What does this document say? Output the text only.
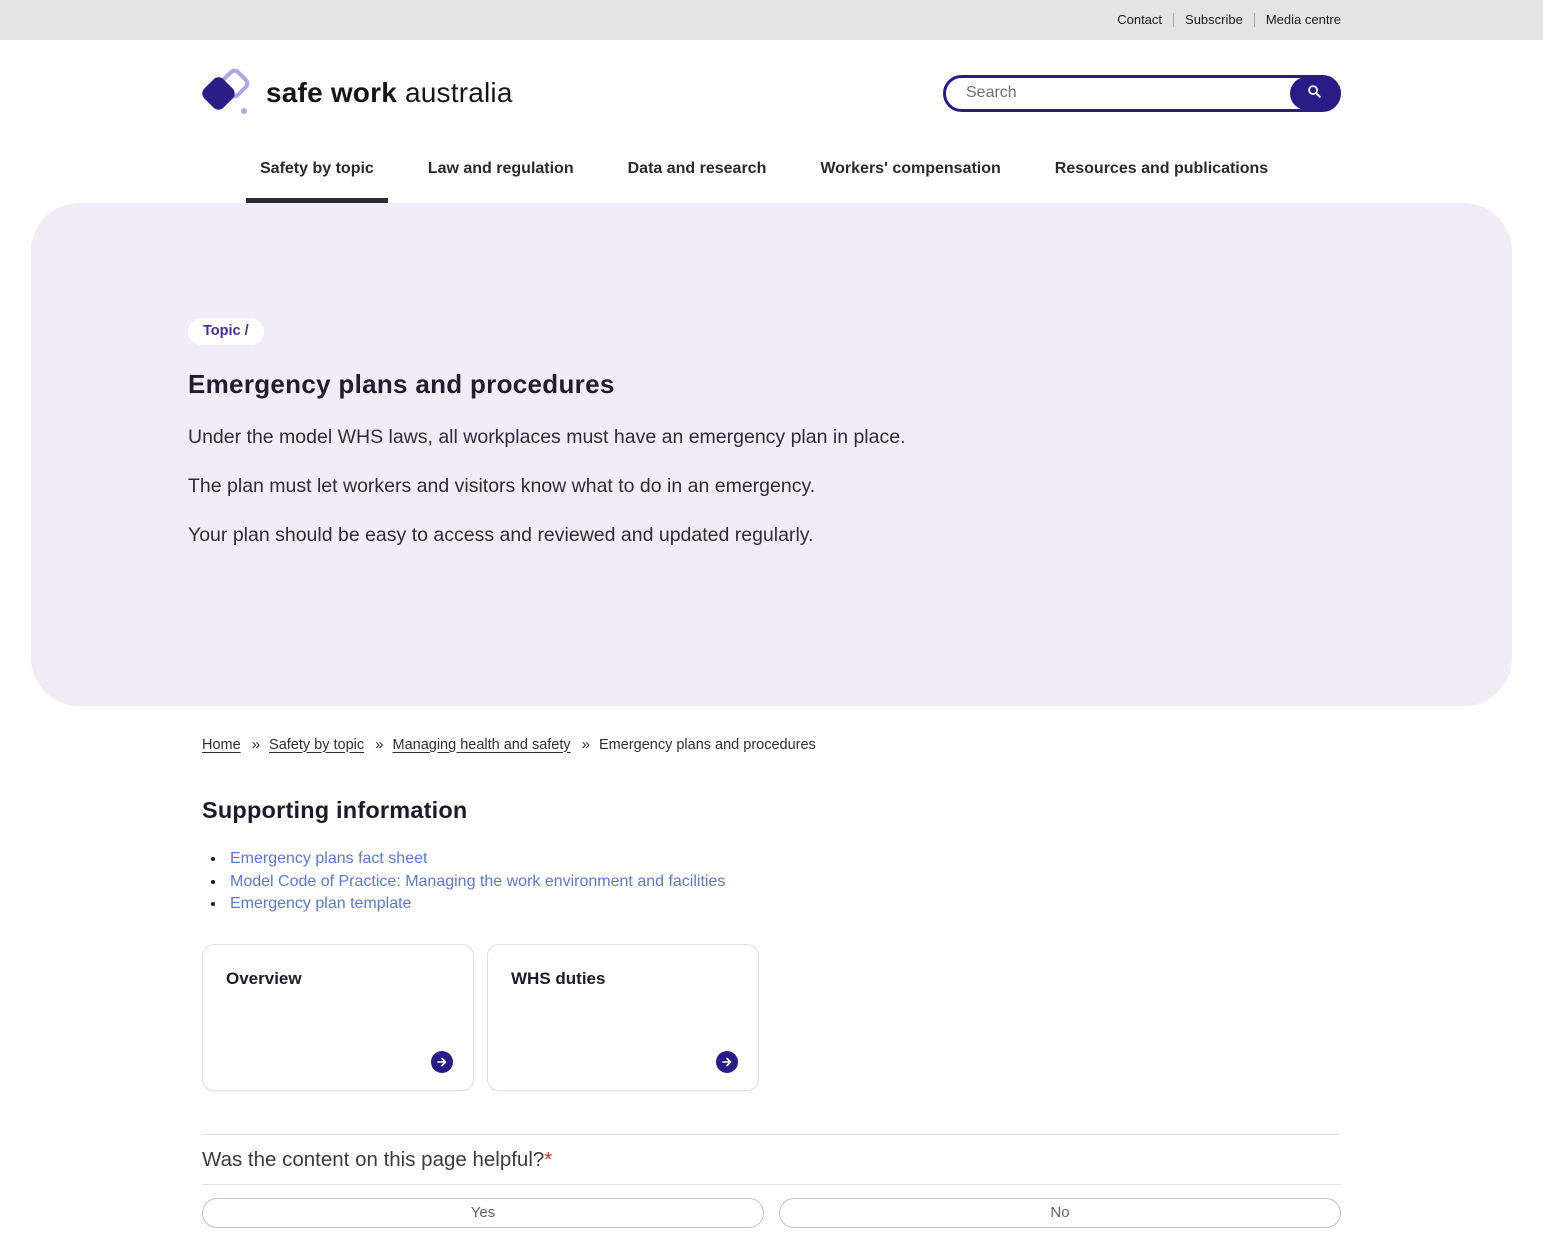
Contact	Subscribe	Media centre
safe work australia
Search
Safety by topic	Law and regulation	Data and research	Workers' compensation	Resources and publications
Topic /
Emergency plans and procedures

Under the model WHS laws, all workplaces must have an emergency plan in place.

The plan must let workers and visitors know what to do in an emergency.

Your plan should be easy to access and reviewed and updated regularly.

Home » Safety by topic » Managing health and safety » Emergency plans and procedures
Supporting information
• Emergency plans fact sheet
• Model Code of Practice: Managing the work environment and facilities
• Emergency plan template
Overview	WHS duties
Was the content on this page helpful?*
Yes	No
